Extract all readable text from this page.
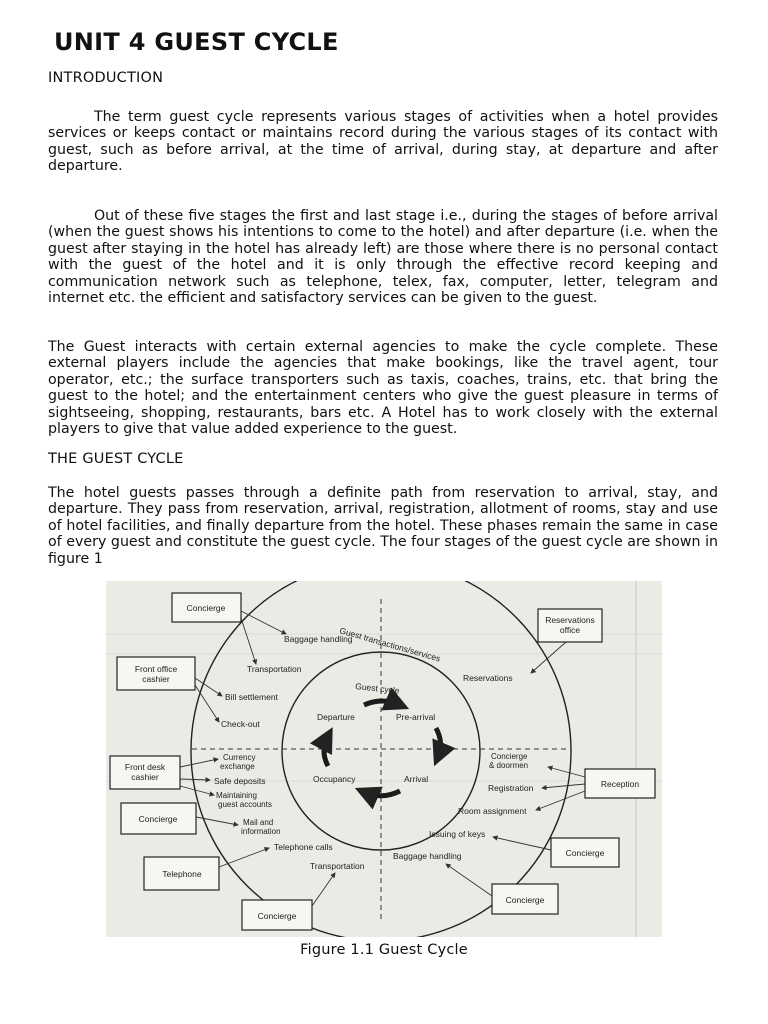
UNIT 4 GUEST CYCLE
INTRODUCTION

The term guest cycle represents various stages of activities when a hotel provides services or keeps contact or maintains record during the various stages of its contact with guest, such as before arrival, at the time of arrival, during stay, at departure and after departure.

Out of these five stages the first and last stage i.e., during the stages of before arrival (when the guest shows his intentions to come to the hotel) and after departure (i.e. when the guest after staying in the hotel has already left) are those where there is no personal contact with the guest of the hotel and it is only through the effective record keeping and communication network such as telephone, telex, fax, computer, letter, telegram and internet etc. the efficient and satisfactory services can be given to the guest.

The Guest interacts with certain external agencies to make the cycle complete. These external players include the agencies that make bookings, like the travel agent, tour operator, etc.; the surface transporters such as taxis, coaches, trains, etc. that bring the guest to the hotel; and the entertainment centers who give the guest pleasure in terms of sightseeing, shopping, restaurants, bars etc. A Hotel has to work closely with the external players to give that value added experience to the guest.

THE GUEST CYCLE

The hotel guests passes through a definite path from reservation to arrival, stay, and departure. They pass from reservation, arrival, registration, allotment of rooms, stay and use of hotel facilities, and finally departure from the hotel. These phases remain the same in case of every guest and constitute the guest cycle. The four stages of the guest cycle are shown in figure 1

Guest transactions/services
Guest cycle
Departure	Pre-arrival
Occupancy	Arrival
Baggage handling
Transportation
Reservations
Bill settlement
Check-out
Currency exchange
Safe deposits
Maintaining guest accounts
Mail and information
Telephone calls
Transportation
Concierge & doormen
Registration
Room assignment
Issuing of keys
Baggage handling
Concierge
Reservations office
Front office cashier
Front desk cashier
Reception
Concierge
Telephone
Concierge
Concierge
Concierge

Figure 1.1 Guest Cycle
